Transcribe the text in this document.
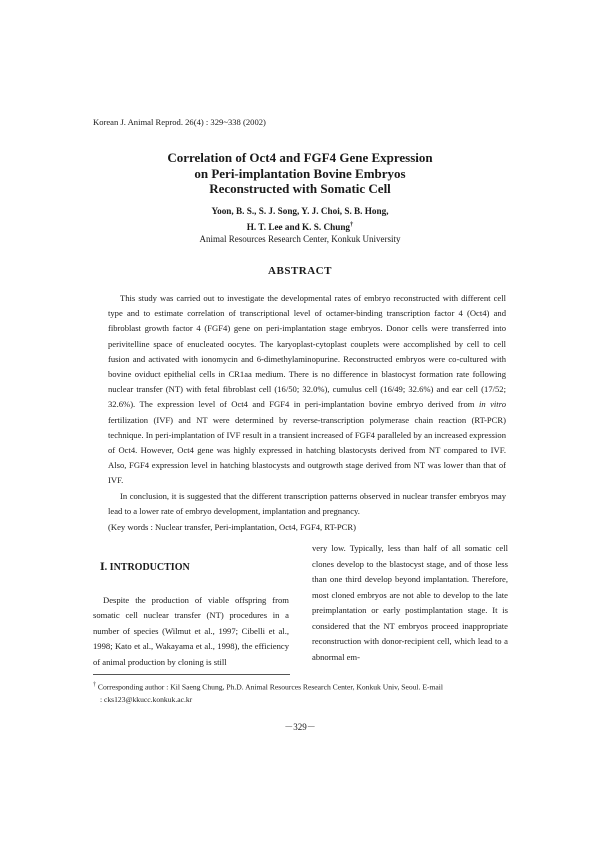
Korean J. Animal Reprod. 26(4) : 329~338 (2002)
Correlation of Oct4 and FGF4 Gene Expression
on Peri-implantation Bovine Embryos
Reconstructed with Somatic Cell
Yoon, B. S., S. J. Song, Y. J. Choi, S. B. Hong,
H. T. Lee and K. S. Chung†
Animal Resources Research Center, Konkuk University
ABSTRACT

This study was carried out to investigate the developmental rates of embryo reconstructed with different cell type and to estimate correlation of transcriptional level of octamer-binding transcription factor 4 (Oct4) and fibroblast growth factor 4 (FGF4) gene on peri-implantation stage embryos. Donor cells were transferred into perivitelline space of enucleated oocytes. The karyoplast-cytoplast couplets were accomplished by cell to cell fusion and activated with ionomycin and 6-dimethylaminopurine. Reconstructed embryos were co-cultured with bovine oviduct epithelial cells in CR1aa medium. There is no difference in blastocyst formation rate following nuclear transfer (NT) with fetal fibroblast cell (16/50; 32.0%), cumulus cell (16/49; 32.6%) and ear cell (17/52; 32.6%). The expression level of Oct4 and FGF4 in peri-implantation bovine embryo derived from in vitro fertilization (IVF) and NT were determined by reverse-transcription polymerase chain reaction (RT-PCR) technique. In peri-implantation of IVF result in a transient increased of FGF4 paralleled by an increased expression of Oct4. However, Oct4 gene was highly expressed in hatching blastocysts derived from NT compared to IVF. Also, FGF4 expression level in hatching blastocysts and outgrowth stage derived from NT was lower than that of IVF.

In conclusion, it is suggested that the different transcription patterns observed in nuclear transfer embryos may lead to a lower rate of embryo development, implantation and pregnancy.

(Key words : Nuclear transfer, Peri-implantation, Oct4, FGF4, RT-PCR)

Ⅰ. INTRODUCTION

Despite the production of viable offspring from somatic cell nuclear transfer (NT) procedures in a number of species (Wilmut et al., 1997; Cibelli et al., 1998; Kato et al., Wakayama et al., 1998), the efficiency of animal production by cloning is still

very low. Typically, less than half of all somatic cell clones develop to the blastocyst stage, and of those less than one third develop beyond implantation. Therefore, most cloned embryos are not able to develop to the late preimplantation or early postimplantation stage. It is considered that the NT embryos proceed inappropriate reconstruction with donor-recipient cell, which lead to a abnormal em-

† Corresponding author : Kil Saeng Chung, Ph.D. Animal Resources Research Center, Konkuk Univ, Seoul. E-mail
: cks123@kkucc.konkuk.ac.kr
－329－
